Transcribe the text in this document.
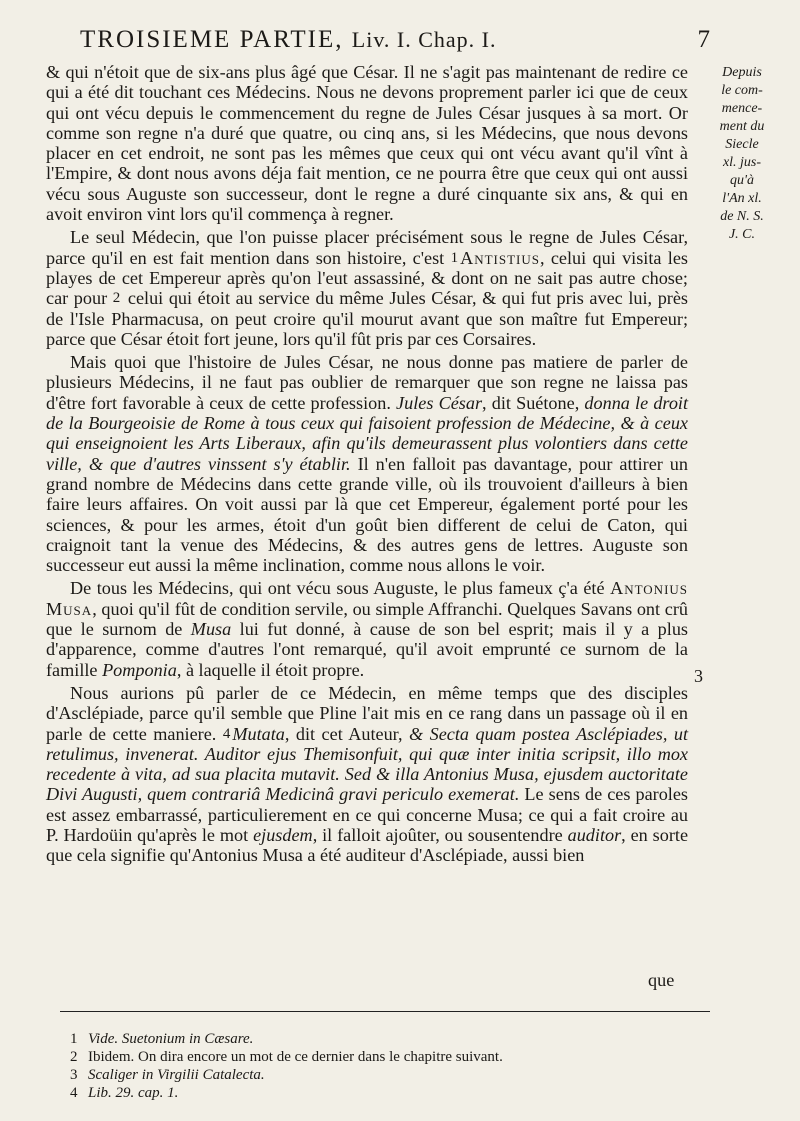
TROISIEME PARTIE, Liv. I. Chap. I.	7
Depuis
le com-
mence-
ment du
Siecle
xl. jus-
qu'à
l'An xl.
de N. S.
J. C.
3

& qui n'étoit que de six-ans plus âgé que César. Il ne s'agit pas maintenant de redire ce qui a été dit touchant ces Médecins. Nous ne devons proprement parler ici que de ceux qui ont vécu depuis le commencement du regne de Jules César jusques à sa mort. Or comme son regne n'a duré que quatre, ou cinq ans, si les Médecins, que nous devons placer en cet endroit, ne sont pas les mêmes que ceux qui ont vécu avant qu'il vînt à l'Empire, & dont nous avons déja fait mention, ce ne pourra être que ceux qui ont aussi vécu sous Auguste son successeur, dont le regne a duré cinquante six ans, & qui en avoit environ vint lors qu'il commença à regner.

Le seul Médecin, que l'on puisse placer précisément sous le regne de Jules César, parce qu'il en est fait mention dans son histoire, c'est 1 Antistius, celui qui visita les playes de cet Empereur après qu'on l'eut assassiné, & dont on ne sait pas autre chose; car pour 2 celui qui étoit au service du même Jules César, & qui fut pris avec lui, près de l'Isle Pharmacusa, on peut croire qu'il mourut avant que son maître fut Empereur; parce que César étoit fort jeune, lors qu'il fût pris par ces Corsaires.

Mais quoi que l'histoire de Jules César, ne nous donne pas matiere de parler de plusieurs Médecins, il ne faut pas oublier de remarquer que son regne ne laissa pas d'être fort favorable à ceux de cette profession. Jules César, dit Suétone, donna le droit de la Bourgeoisie de Rome à tous ceux qui faisoient profession de Médecine, & à ceux qui enseignoient les Arts Liberaux, afin qu'ils demeurassent plus volontiers dans cette ville, & que d'autres vinssent s'y établir. Il n'en falloit pas davantage, pour attirer un grand nombre de Médecins dans cette grande ville, où ils trouvoient d'ailleurs à bien faire leurs affaires. On voit aussi par là que cet Empereur, également porté pour les sciences, & pour les armes, étoit d'un goût bien different de celui de Caton, qui craignoit tant la venue des Médecins, & des autres gens de lettres. Auguste son successeur eut aussi la même inclination, comme nous allons le voir.

De tous les Médecins, qui ont vécu sous Auguste, le plus fameux ç'a été Antonius Musa, quoi qu'il fût de condition servile, ou simple Affranchi. Quelques Savans ont crû que le surnom de Musa lui fut donné, à cause de son bel esprit; mais il y a plus d'apparence, comme d'autres l'ont remarqué, qu'il avoit emprunté ce surnom de la famille Pomponia, à laquelle il étoit propre.

Nous aurions pû parler de ce Médecin, en même temps que des disciples d'Asclépiade, parce qu'il semble que Pline l'ait mis en ce rang dans un passage où il en parle de cette maniere. 4 Mutata, dit cet Auteur, & Secta quam postea Asclépiades, ut retulimus, invenerat. Auditor ejus Themisonfuit, qui quæ inter initia scripsit, illo mox recedente à vita, ad sua placita mutavit. Sed & illa Antonius Musa, ejusdem auctoritate Divi Augusti, quem contrariâ Medicinâ gravi periculo exemerat. Le sens de ces paroles est assez embarrassé, particulierement en ce qui concerne Musa; ce qui a fait croire au P. Hardoüin qu'après le mot ejusdem, il falloit ajoûter, ou sousentendre auditor, en sorte que cela signifie qu'Antonius Musa a été auditeur d'Asclépiade, aussi bien

que
1 Vide. Suetonium in Cæsare.
2 Ibidem. On dira encore un mot de ce dernier dans le chapitre suivant.
3 Scaliger in Virgilii Catalecta.
4 Lib. 29. cap. 1.
